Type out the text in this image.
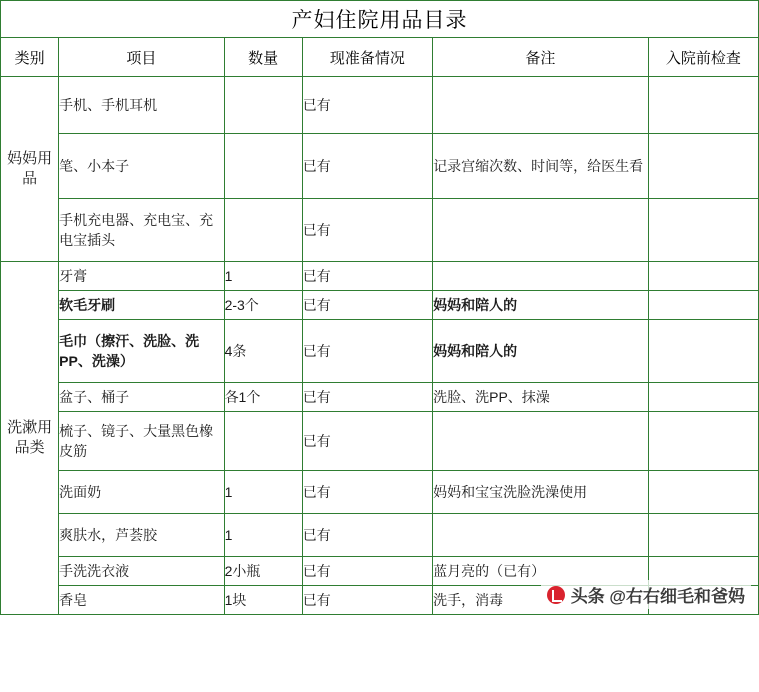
产妇住院用品目录					
类别	项目	数量	现准备情况	备注	入院前检查
妈妈用品	手机、手机耳机		已有		
	笔、小本子		已有	记录宫缩次数、时间等，给医生看	
	手机充电器、充电宝、充电宝插头		已有		
洗漱用品类	牙膏	1	已有		
	软毛牙刷	2-3个	已有	妈妈和陪人的	
	毛巾（擦汗、洗脸、洗PP、洗澡）	4条	已有	妈妈和陪人的	
	盆子、桶子	各1个	已有	洗脸、洗PP、抹澡	
	梳子、镜子、大量黑色橡皮筋		已有		
	洗面奶	1	已有	妈妈和宝宝洗脸洗澡使用	
	爽肤水，芦荟胶	1	已有		
	手洗洗衣液	2小瓶	已有	蓝月亮的（已有）	
	香皂	1块	已有	洗手，消毒		头条 @右右细毛和爸妈
